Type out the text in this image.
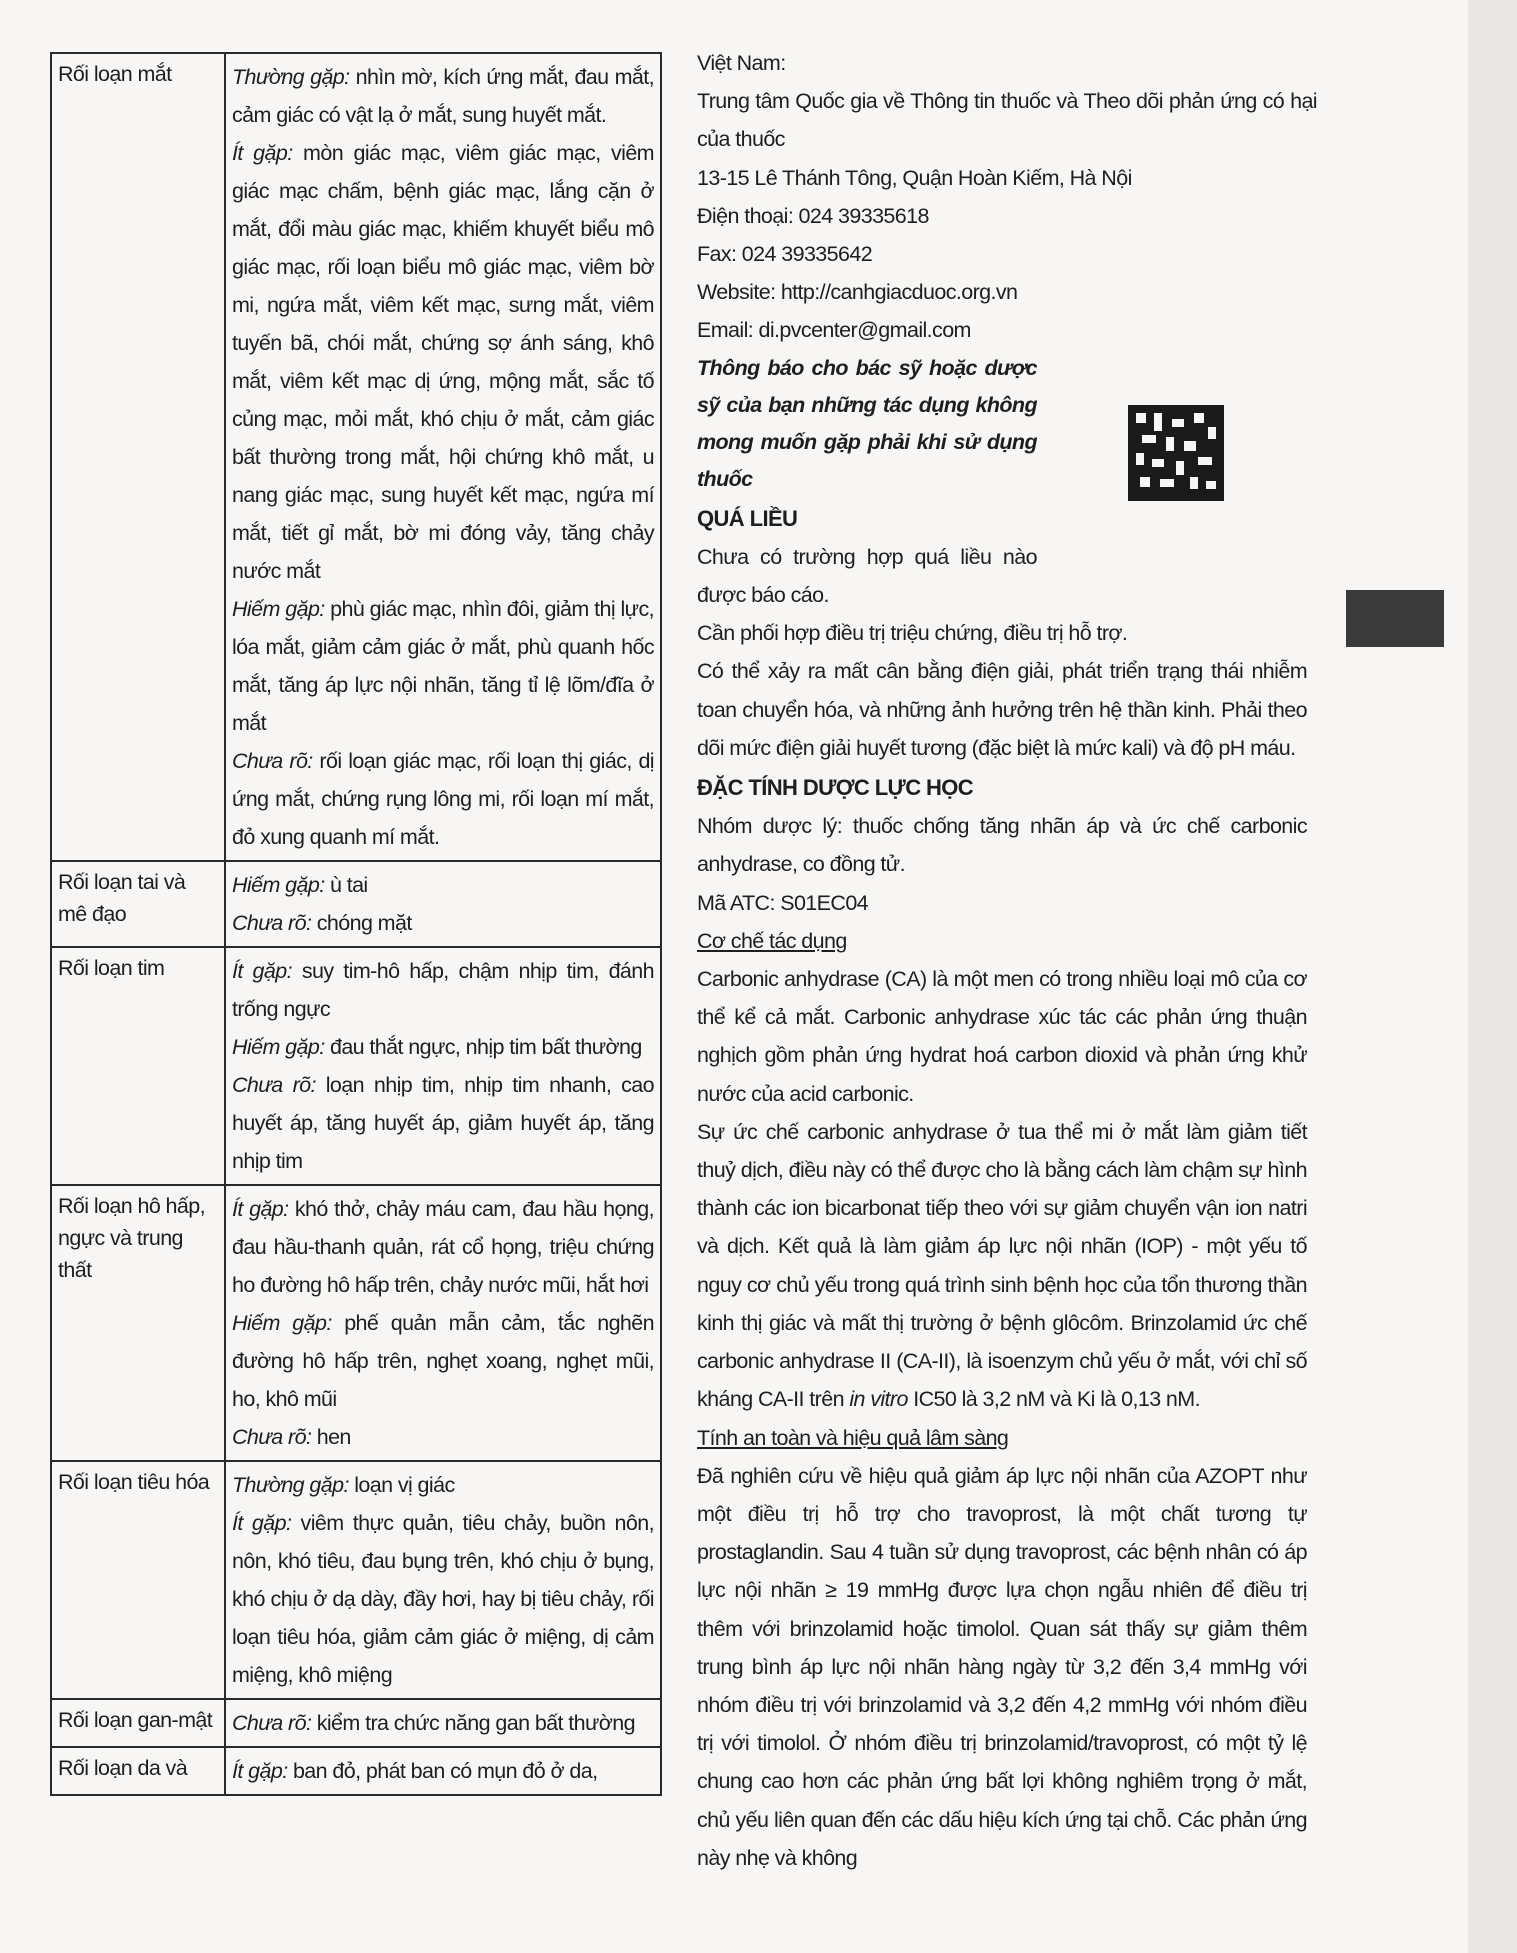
Rối loạn mắt	Thường gặp: nhìn mờ, kích ứng mắt, đau mắt, cảm giác có vật lạ ở mắt, sung huyết mắt.
Ít gặp: mòn giác mạc, viêm giác mạc, viêm giác mạc chấm, bệnh giác mạc, lắng cặn ở mắt, đổi màu giác mạc, khiếm khuyết biểu mô giác mạc, rối loạn biểu mô giác mạc, viêm bờ mi, ngứa mắt, viêm kết mạc, sưng mắt, viêm tuyến bã, chói mắt, chứng sợ ánh sáng, khô mắt, viêm kết mạc dị ứng, mộng mắt, sắc tố củng mạc, mỏi mắt, khó chịu ở mắt, cảm giác bất thường trong mắt, hội chứng khô mắt, u nang giác mạc, sung huyết kết mạc, ngứa mí mắt, tiết gỉ mắt, bờ mi đóng vảy, tăng chảy nước mắt
Hiếm gặp: phù giác mạc, nhìn đôi, giảm thị lực, lóa mắt, giảm cảm giác ở mắt, phù quanh hốc mắt, tăng áp lực nội nhãn, tăng tỉ lệ lõm/đĩa ở mắt
Chưa rõ: rối loạn giác mạc, rối loạn thị giác, dị ứng mắt, chứng rụng lông mi, rối loạn mí mắt, đỏ xung quanh mí mắt.

Rối loạn tai và mê đạo	Hiếm gặp: ù tai
Chưa rõ: chóng mặt

Rối loạn tim	Ít gặp: suy tim-hô hấp, chậm nhịp tim, đánh trống ngực
Hiếm gặp: đau thắt ngực, nhịp tim bất thường
Chưa rõ: loạn nhịp tim, nhịp tim nhanh, cao huyết áp, tăng huyết áp, giảm huyết áp, tăng nhịp tim

Rối loạn hô hấp, ngực và trung thất	Ít gặp: khó thở, chảy máu cam, đau hầu họng, đau hầu-thanh quản, rát cổ họng, triệu chứng ho đường hô hấp trên, chảy nước mũi, hắt hơi
Hiếm gặp: phế quản mẫn cảm, tắc nghẽn đường hô hấp trên, nghẹt xoang, nghẹt mũi, ho, khô mũi
Chưa rõ: hen

Rối loạn tiêu hóa	Thường gặp: loạn vị giác
Ít gặp: viêm thực quản, tiêu chảy, buồn nôn, nôn, khó tiêu, đau bụng trên, khó chịu ở bụng, khó chịu ở dạ dày, đầy hơi, hay bị tiêu chảy, rối loạn tiêu hóa, giảm cảm giác ở miệng, dị cảm miệng, khô miệng

Rối loạn gan-mật	Chưa rõ: kiểm tra chức năng gan bất thường

Rối loạn da và	Ít gặp: ban đỏ, phát ban có mụn đỏ ở da,

Việt Nam:

Trung tâm Quốc gia về Thông tin thuốc và Theo dõi phản ứng có hại của thuốc

13-15 Lê Thánh Tông, Quận Hoàn Kiếm, Hà Nội

Điện thoại: 024 39335618

Fax: 024 39335642

Website: http://canhgiacduoc.org.vn

Email: di.pvcenter@gmail.com

Thông báo cho bác sỹ hoặc dược sỹ của bạn những tác dụng không mong muốn gặp phải khi sử dụng thuốc

QUÁ LIỀU

Chưa có trường hợp quá liều nào được báo cáo.

Cần phối hợp điều trị triệu chứng, điều trị hỗ trợ.

Có thể xảy ra mất cân bằng điện giải, phát triển trạng thái nhiễm toan chuyển hóa, và những ảnh hưởng trên hệ thần kinh. Phải theo dõi mức điện giải huyết tương (đặc biệt là mức kali) và độ pH máu.

ĐẶC TÍNH DƯỢC LỰC HỌC

Nhóm dược lý: thuốc chống tăng nhãn áp và ức chế carbonic anhydrase, co đồng tử.

Mã ATC: S01EC04

Cơ chế tác dụng

Carbonic anhydrase (CA) là một men có trong nhiều loại mô của cơ thể kể cả mắt. Carbonic anhydrase xúc tác các phản ứng thuận nghịch gồm phản ứng hydrat hoá carbon dioxid và phản ứng khử nước của acid carbonic.

Sự ức chế carbonic anhydrase ở tua thể mi ở mắt làm giảm tiết thuỷ dịch, điều này có thể được cho là bằng cách làm chậm sự hình thành các ion bicarbonat tiếp theo với sự giảm chuyển vận ion natri và dịch. Kết quả là làm giảm áp lực nội nhãn (IOP) - một yếu tố nguy cơ chủ yếu trong quá trình sinh bệnh học của tổn thương thần kinh thị giác và mất thị trường ở bệnh glôcôm. Brinzolamid ức chế carbonic anhydrase II (CA-II), là isoenzym chủ yếu ở mắt, với chỉ số kháng CA-II trên in vitro IC50 là 3,2 nM và Ki là 0,13 nM.

Tính an toàn và hiệu quả lâm sàng

Đã nghiên cứu về hiệu quả giảm áp lực nội nhãn của AZOPT như một điều trị hỗ trợ cho travoprost, là một chất tương tự prostaglandin. Sau 4 tuần sử dụng travoprost, các bệnh nhân có áp lực nội nhãn ≥ 19 mmHg được lựa chọn ngẫu nhiên để điều trị thêm với brinzolamid hoặc timolol. Quan sát thấy sự giảm thêm trung bình áp lực nội nhãn hàng ngày từ 3,2 đến 3,4 mmHg với nhóm điều trị với brinzolamid và 3,2 đến 4,2 mmHg với nhóm điều trị với timolol. Ở nhóm điều trị brinzolamid/travoprost, có một tỷ lệ chung cao hơn các phản ứng bất lợi không nghiêm trọng ở mắt, chủ yếu liên quan đến các dấu hiệu kích ứng tại chỗ. Các phản ứng này nhẹ và không
